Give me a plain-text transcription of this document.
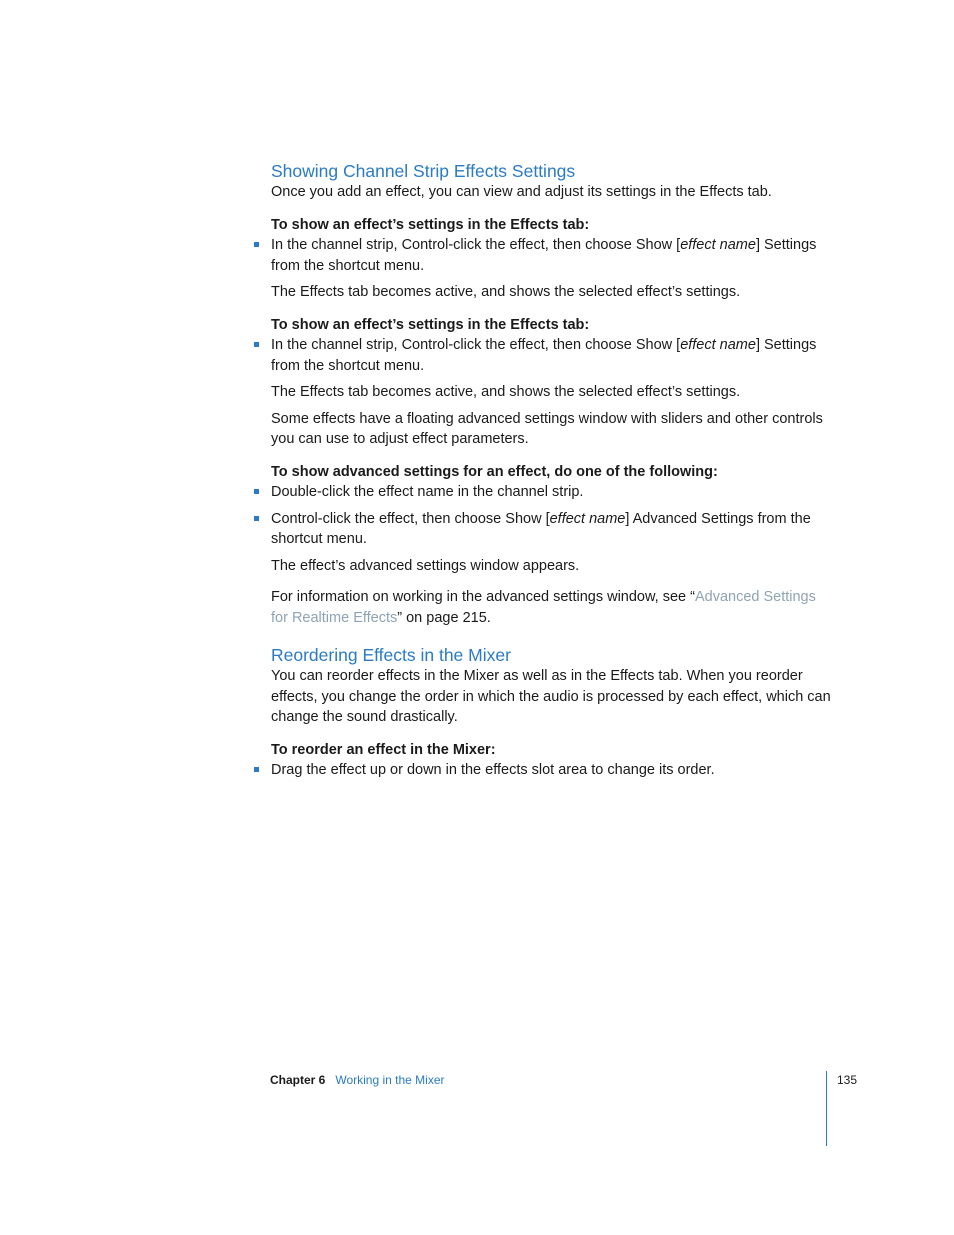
Showing Channel Strip Effects Settings

Once you add an effect, you can view and adjust its settings in the Effects tab.

To show an effect’s settings in the Effects tab:

In the channel strip, Control-click the effect, then choose Show [effect name] Settings from the shortcut menu.

The Effects tab becomes active, and shows the selected effect’s settings.

To show an effect’s settings in the Effects tab:

In the channel strip, Control-click the effect, then choose Show [effect name] Settings from the shortcut menu.

The Effects tab becomes active, and shows the selected effect’s settings.

Some effects have a floating advanced settings window with sliders and other controls you can use to adjust effect parameters.

To show advanced settings for an effect, do one of the following:

Double-click the effect name in the channel strip.

Control-click the effect, then choose Show [effect name] Advanced Settings from the shortcut menu.

The effect’s advanced settings window appears.

For information on working in the advanced settings window, see “Advanced Settings for Realtime Effects” on page 215.

Reordering Effects in the Mixer

You can reorder effects in the Mixer as well as in the Effects tab. When you reorder effects, you change the order in which the audio is processed by each effect, which can change the sound drastically.

To reorder an effect in the Mixer:

Drag the effect up or down in the effects slot area to change its order.

Chapter 6 Working in the Mixer	135
